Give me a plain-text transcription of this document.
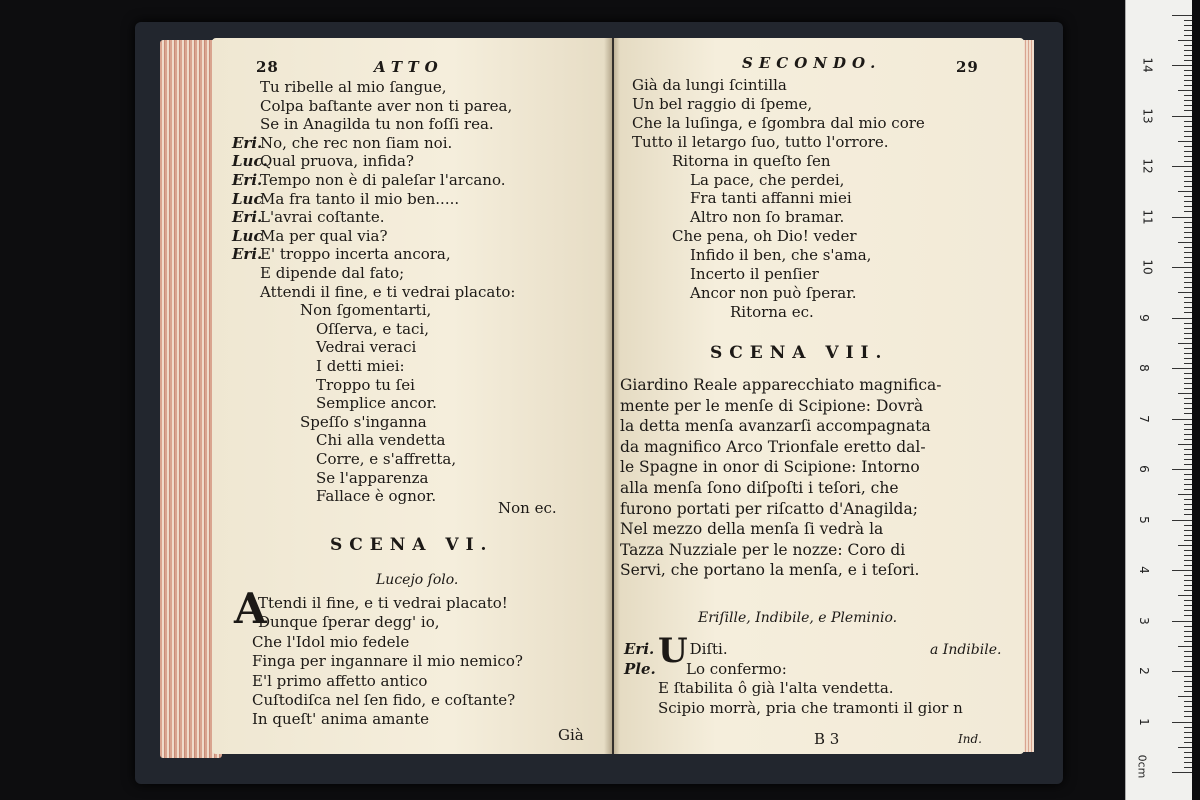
28	ATTO
Tu ribelle al mio ſangue,
Colpa baſtante aver non ti parea,
Se in Anagilda tu non foſſi rea.
Eri.No, che rec non ſiam noi.
Luc.Qual pruova, infida?
Eri.Tempo non è di paleſar l'arcano.
LucMa fra tanto il mio ben.....
Eri.L'avrai coſtante.
LucMa per qual via?
Eri.E' troppo incerta ancora,
E dipende dal fato;
Attendi il fine, e ti vedrai placato:
Non ſgomentarti,
Oſſerva, e taci,
Vedrai veraci
I detti miei:
Troppo tu ſei
Semplice ancor.
Speſſo s'inganna
Chi alla vendetta
Corre, e s'affretta,
Se l'apparenza
Fallace è ognor.
Non ec.
SCENA VI.
Lucejo ſolo.
A
Ttendi il fine, e ti vedrai placato!
Dunque ſperar degg' io,
Che l'Idol mio fedele
Finga per ingannare il mio nemico?
E'l primo affetto antico
Cuſtodiſca nel ſen fido, e coſtante?
In queſt' anima amante
Già
SECONDO.	29
Già da lungi ſcintilla
Un bel raggio di ſpeme,
Che la luſinga, e ſgombra dal mio core
Tutto il letargo ſuo, tutto l'orrore.
Ritorna in queſto ſen
La pace, che perdei,
Fra tanti affanni miei
Altro non ſo bramar.
Che pena, oh Dio! veder
Infido il ben, che s'ama,
Incerto il penſier
Ancor non può ſperar.
Ritorna ec.
SCENA VII.
Giardino Reale apparecchiato magnifica-
mente per le menſe di Scipione: Dovrà
la detta menſa avanzarſi accompagnata
da magnifico Arco Trionfale eretto dal-
le Spagne in onor di Scipione: Intorno
alla menſa ſono diſpoſti i teſori, che
furono portati per riſcatto d'Anagilda;
Nel mezzo della menſa ſi vedrà la
Tazza Nuzziale per le nozze: Coro di
Servi, che portano la menſa, e i teſori.
Eriſille, Indibile, e Pleminio.
Eri. U Diſti.	a Indibile.
Ple. Lo confermo:
E ſtabilita ô già l'alta vendetta.
Scipio morrà, pria che tramonti il gior n
B 3	Ind.
1
2
3
4
5
6
7
8
9
10
11
12
13
14
0cm
